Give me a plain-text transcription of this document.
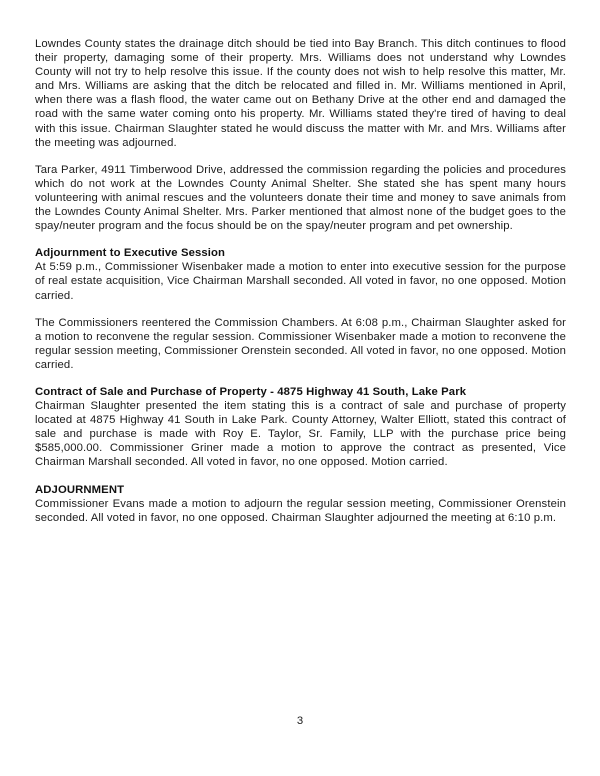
Lowndes County states the drainage ditch should be tied into Bay Branch. This ditch continues to flood their property, damaging some of their property. Mrs. Williams does not understand why Lowndes County will not try to help resolve this issue. If the county does not wish to help resolve this matter, Mr. and Mrs. Williams are asking that the ditch be relocated and filled in. Mr. Williams mentioned in April, when there was a flash flood, the water came out on Bethany Drive at the other end and damaged the road with the same water coming onto his property. Mr. Williams stated they're tired of having to deal with this issue. Chairman Slaughter stated he would discuss the matter with Mr. and Mrs. Williams after the meeting was adjourned.

Tara Parker, 4911 Timberwood Drive, addressed the commission regarding the policies and procedures which do not work at the Lowndes County Animal Shelter. She stated she has spent many hours volunteering with animal rescues and the volunteers donate their time and money to save animals from the Lowndes County Animal Shelter. Mrs. Parker mentioned that almost none of the budget goes to the spay/neuter program and the focus should be on the spay/neuter program and pet ownership.

Adjournment to Executive Session

At 5:59 p.m., Commissioner Wisenbaker made a motion to enter into executive session for the purpose of real estate acquisition, Vice Chairman Marshall seconded. All voted in favor, no one opposed. Motion carried.

The Commissioners reentered the Commission Chambers. At 6:08 p.m., Chairman Slaughter asked for a motion to reconvene the regular session. Commissioner Wisenbaker made a motion to reconvene the regular session meeting, Commissioner Orenstein seconded. All voted in favor, no one opposed. Motion carried.

Contract of Sale and Purchase of Property - 4875 Highway 41 South, Lake Park

Chairman Slaughter presented the item stating this is a contract of sale and purchase of property located at 4875 Highway 41 South in Lake Park. County Attorney, Walter Elliott, stated this contract of sale and purchase is made with Roy E. Taylor, Sr. Family, LLP with the purchase price being $585,000.00. Commissioner Griner made a motion to approve the contract as presented, Vice Chairman Marshall seconded. All voted in favor, no one opposed. Motion carried.

ADJOURNMENT

Commissioner Evans made a motion to adjourn the regular session meeting, Commissioner Orenstein seconded. All voted in favor, no one opposed. Chairman Slaughter adjourned the meeting at 6:10 p.m.

3
